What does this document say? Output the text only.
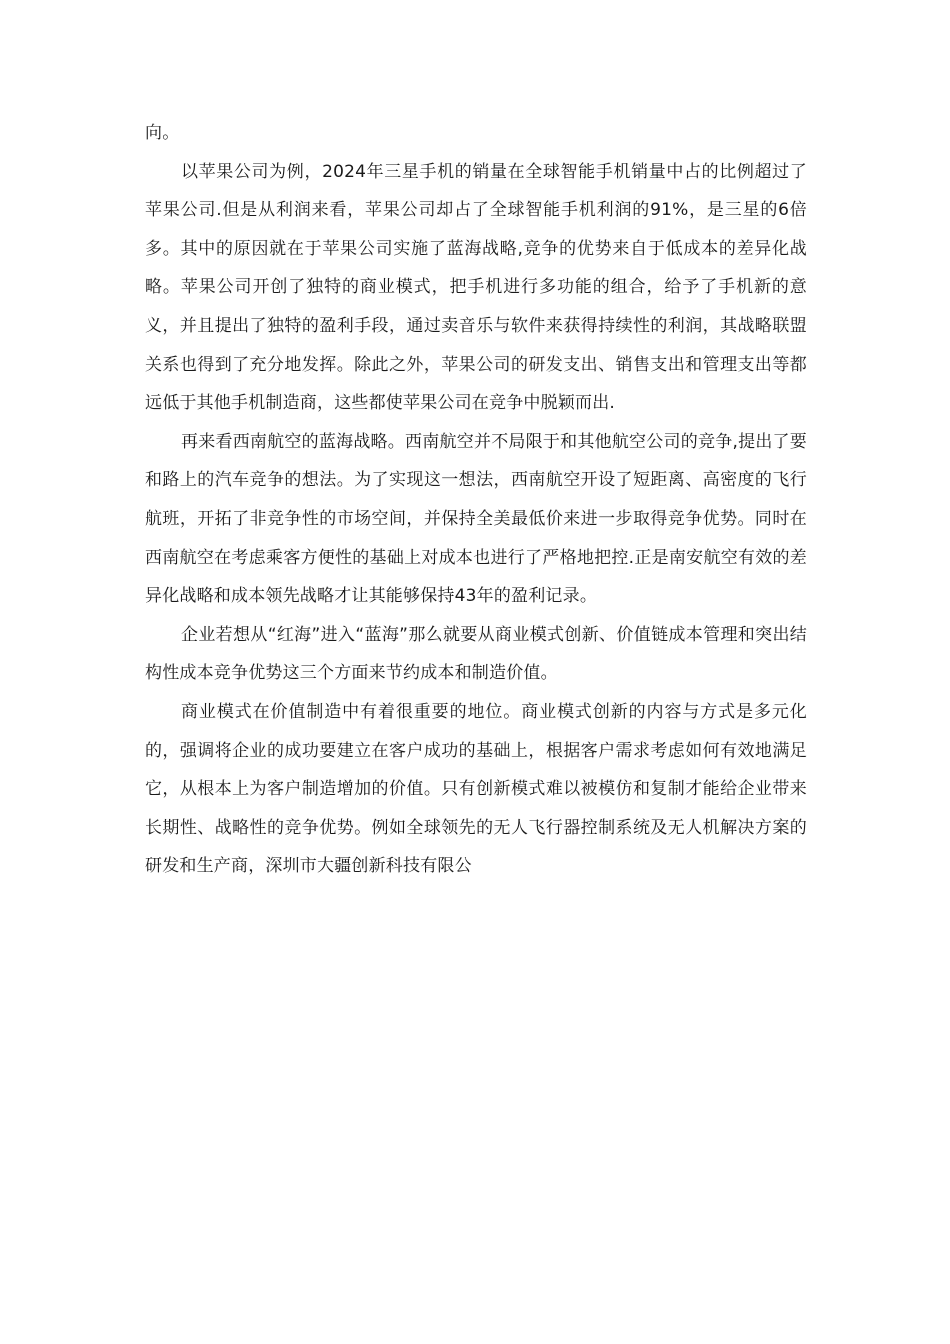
向。

以苹果公司为例，2024年三星手机的销量在全球智能手机销量中占的比例超过了苹果公司.但是从利润来看，苹果公司却占了全球智能手机利润的91%，是三星的6倍多。其中的原因就在于苹果公司实施了蓝海战略,竞争的优势来自于低成本的差异化战略。苹果公司开创了独特的商业模式，把手机进行多功能的组合，给予了手机新的意义，并且提出了独特的盈利手段，通过卖音乐与软件来获得持续性的利润，其战略联盟关系也得到了充分地发挥。除此之外，苹果公司的研发支出、销售支出和管理支出等都远低于其他手机制造商，这些都使苹果公司在竞争中脱颖而出.

再来看西南航空的蓝海战略。西南航空并不局限于和其他航空公司的竞争,提出了要和路上的汽车竞争的想法。为了实现这一想法，西南航空开设了短距离、高密度的飞行航班，开拓了非竞争性的市场空间，并保持全美最低价来进一步取得竞争优势。同时在西南航空在考虑乘客方便性的基础上对成本也进行了严格地把控.正是南安航空有效的差异化战略和成本领先战略才让其能够保持43年的盈利记录。

企业若想从“红海”进入“蓝海”那么就要从商业模式创新、价值链成本管理和突出结构性成本竞争优势这三个方面来节约成本和制造价值。

商业模式在价值制造中有着很重要的地位。商业模式创新的内容与方式是多元化的，强调将企业的成功要建立在客户成功的基础上，根据客户需求考虑如何有效地满足它，从根本上为客户制造增加的价值。只有创新模式难以被模仿和复制才能给企业带来长期性、战略性的竞争优势。例如全球领先的无人飞行器控制系统及无人机解决方案的研发和生产商，深圳市大疆创新科技有限公
